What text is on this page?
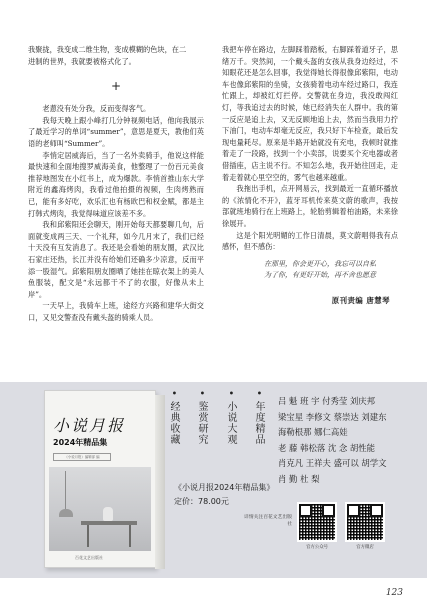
我聚拢，我变成二维生物，变成模糊的色块，在二

进制的世界，我就要被格式化了。

+

老蔥没有处分我，反而变得客气。

我每天晚上跟小峰打几分钟视频电话，他向我展示了最近学习的单词“summer”，意思是夏天，教他们英语的老师叫“Summer”。

李悄定居威海后，当了一名外卖骑手，他说这样能最快速和全面地搜罗威海美食，他整理了一份百元美食推荐地图发在小红书上，成为爆款。李悄首推山东大学附近的鑫海烤肉，我看过他拍摄的视频，生肉烤熟而已，能有多好吃，欢乐汇也有杨欧巴和权金赋，都是主打韩式烤肉，我觉得味道应该差不多。

我和邱紫阳还会聊天，刚开始每天都要聊几句，后面就变成两三天、一个礼拜，如今几月末了，我们已经十天没有互发消息了。我还是会看她的朋友圈，武汉比石家庄还热，长江并没有给她们还确多少凉意，反而平添一股湿气。邱紫阳朋友圈晒了她挂在晾衣架上的美人鱼服装，配文是“永远都干不了的衣服，好像从未上岸”。

一天早上，我骑车上班，途经方兴路和建华大街交口，又见交警查没有戴头盔的骑乘人员。

我把车停在路边，左脚踩着踏板，右脚踩着道牙子，思绪万千。突然间，一个戴头盔的女孩从我身边经过，不知眼花还是怎么回事，我觉得她长得很像邱紫阳，电动车也像邱紫阳的坐骑，女孩骑着电动车经过路口，我连忙跟上，却被红灯拦停。交警就在身边，我没敢闯红灯，等我追过去的时候，她已经消失在人群中。我的第一反应是追上去，又无反顾地追上去，然而当我用力拧下油门，电动车却毫无反应，我只好下车检查，最后发现电量耗尽。原来是半路开始就没有充电，我顿时就推着走了一段路，找到一个小卖部，说要买个充电器或者借插座，店主说不行。不知怎么地，我开始往回走，走着走着就心里空空的，雾气也越来越重。

我拖出手机，点开网易云，找到最近一直循环播放的《浓情化不开》，蓝牙耳机传来莫文蔚的歌声，我按部就班地骑行在上班路上，轮胎剪辑着柏油路，未来徐徐展开。

这是个阳光明媚的工作日清晨，莫文蔚唱得我有点感怀，但不感伤：

在那里，你会更开心，我忘可以自私
为了你，有更好开始，再不舍也愿意
原刊责编 唐慧琴
小说月报
2024年精品集
《小说月报》编辑部 编
百花文艺出版社
• 经典收藏 • 鉴赏研究 • 小说大观 • 年度精品 吕 魁 班 宇 付秀莹 刘庆邦
梁宝星 李修文 蔡崇达 刘建东
海勒根那 娜仁高娃
老 藤 韩松落 沈 念 胡性能
肖克凡 王祥夫 盛可以 胡学文
肖 勤 杜 梨
《小说月报2024年精品集》
定价：78.00元
详情关注百花文艺出版社
官方公众号	官方微店
123
